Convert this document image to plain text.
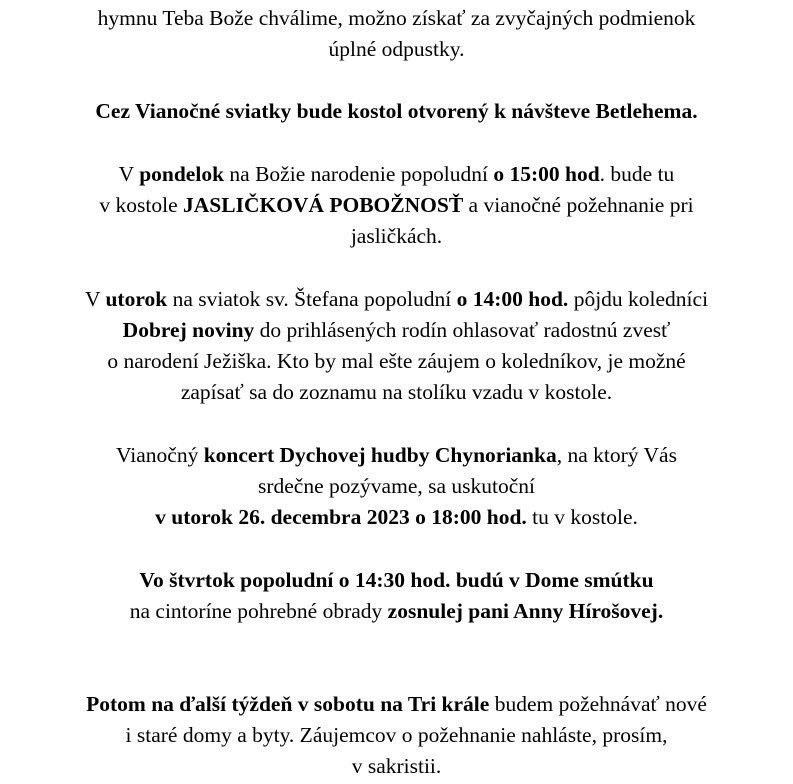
hymnu Teba Bože chválime, možno získať za zvyčajných podmienok
úplné odpustky.
Cez Vianočné sviatky bude kostol otvorený k návšteve Betlehema.
V pondelok na Božie narodenie popoludní o 15:00 hod. bude tu
v kostole JASLIČKOVÁ POBOŽNOSŤ a vianočné požehnanie pri
jasličkách.
V utorok na sviatok sv. Štefana popoludní o 14:00 hod. pôjdu koledníci
Dobrej noviny do prihlásených rodín ohlasovať radostnú zvesť
o narodení Ježiška. Kto by mal ešte záujem o koledníkov, je možné
zapísať sa do zoznamu na stolíku vzadu v kostole.
Vianočný koncert Dychovej hudby Chynorianka, na ktorý Vás
srdečne pozývame, sa uskutoční
v utorok 26. decembra 2023 o 18:00 hod. tu v kostole.
Vo štvrtok popoludní o 14:30 hod. budú v Dome smútku
na cintoríne pohrebné obrady zosnulej pani Anny Hírošovej.
Potom na ďalší týždeň v sobotu na Tri krále budem požehnávať nové
i staré domy a byty. Záujemcov o požehnanie nahláste, prosím,
v sakristii.
